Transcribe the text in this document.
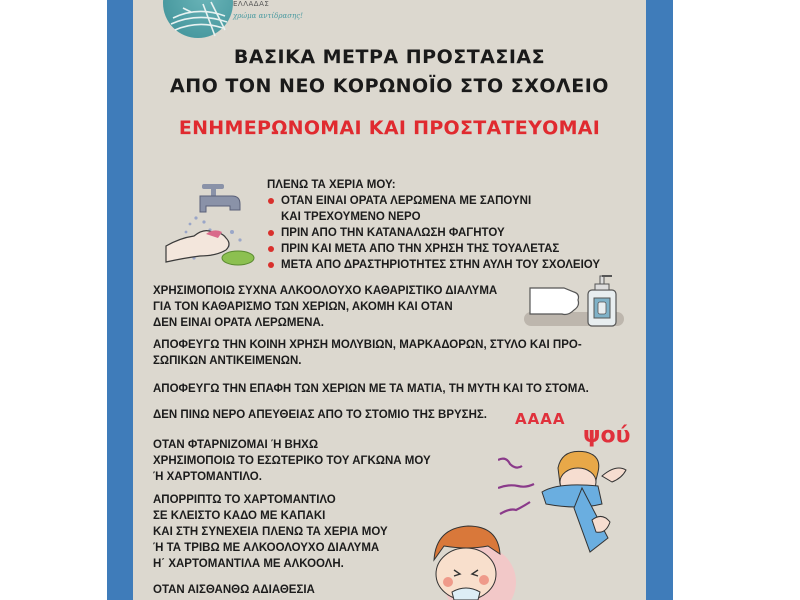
ΕΛΛΑΔΑΣ
χρώμα αντίδρασης!
ΒΑΣΙΚΑ ΜΕΤΡΑ ΠΡΟΣΤΑΣΙΑΣ
ΑΠΟ ΤΟΝ ΝΕΟ ΚΟΡΩΝΟΪΟ ΣΤΟ ΣΧΟΛΕΙΟ
ΕΝΗΜΕΡΩΝΟΜΑΙ ΚΑΙ ΠΡΟΣΤΑΤΕΥΟΜΑΙ
ΠΛΕΝΩ ΤΑ ΧΕΡΙΑ ΜΟΥ:
ΟΤΑΝ ΕΙΝΑΙ ΟΡΑΤΑ ΛΕΡΩΜΕΝΑ ΜΕ ΣΑΠΟΥΝΙ
ΚΑΙ ΤΡΕΧΟΥΜΕΝΟ ΝΕΡΟ
ΠΡΙΝ ΑΠΟ ΤΗΝ ΚΑΤΑΝΑΛΩΣΗ ΦΑΓΗΤΟΥ
ΠΡΙΝ ΚΑΙ ΜΕΤΑ ΑΠΟ ΤΗΝ ΧΡΗΣΗ ΤΗΣ ΤΟΥΑΛΕΤΑΣ
ΜΕΤΑ ΑΠΟ ΔΡΑΣΤΗΡΙΟΤΗΤΕΣ ΣΤΗΝ ΑΥΛΗ ΤΟΥ ΣΧΟΛΕΙΟΥ
ΧΡΗΣΙΜΟΠΟΙΩ ΣΥΧΝΑ ΑΛΚΟΟΛΟΥΧΟ ΚΑΘΑΡΙΣΤΙΚΟ ΔΙΑΛΥΜΑ
ΓΙΑ ΤΟΝ ΚΑΘΑΡΙΣΜΟ ΤΩΝ ΧΕΡΙΩΝ, ΑΚΟΜΗ ΚΑΙ ΟΤΑΝ
ΔΕΝ ΕΙΝΑΙ ΟΡΑΤΑ ΛΕΡΩΜΕΝΑ.
ΑΠΟΦΕΥΓΩ ΤΗΝ ΚΟΙΝΗ ΧΡΗΣΗ ΜΟΛΥΒΙΩΝ, ΜΑΡΚΑΔΟΡΩΝ, ΣΤΥΛΟ ΚΑΙ ΠΡΟ-
ΣΩΠΙΚΩΝ ΑΝΤΙΚΕΙΜΕΝΩΝ.
ΑΠΟΦΕΥΓΩ ΤΗΝ ΕΠΑΦΗ ΤΩΝ ΧΕΡΙΩΝ ΜΕ ΤΑ ΜΑΤΙΑ, ΤΗ ΜΥΤΗ ΚΑΙ ΤΟ ΣΤΟΜΑ.
ΔΕΝ ΠΙΝΩ ΝΕΡΟ ΑΠΕΥΘΕΙΑΣ ΑΠΟ ΤΟ ΣΤΟΜΙΟ ΤΗΣ ΒΡΥΣΗΣ. ΑΑΑΑ
ψού
ΟΤΑΝ ΦΤΑΡΝΙΖΟΜΑΙ Ή ΒΗΧΩ
ΧΡΗΣΙΜΟΠΟΙΩ ΤΟ ΕΣΩΤΕΡΙΚΟ ΤΟΥ ΑΓΚΩΝΑ ΜΟΥ
Ή ΧΑΡΤΟΜΑΝΤΙΛΟ.
ΑΠΟΡΡΙΠΤΩ ΤΟ ΧΑΡΤΟΜΑΝΤΙΛΟ
ΣΕ ΚΛΕΙΣΤΟ ΚΑΔΟ ΜΕ ΚΑΠΑΚΙ
ΚΑΙ ΣΤΗ ΣΥΝΕΧΕΙΑ ΠΛΕΝΩ ΤΑ ΧΕΡΙΑ ΜΟΥ
Ή ΤΑ ΤΡΙΒΩ ΜΕ ΑΛΚΟΟΛΟΥΧΟ ΔΙΑΛΥΜΑ
Η΄ ΧΑΡΤΟΜΑΝΤΙΛΑ ΜΕ ΑΛΚΟΟΛΗ.
ΟΤΑΝ ΑΙΣΘΑΝΘΩ ΑΔΙΑΘΕΣΙΑ
